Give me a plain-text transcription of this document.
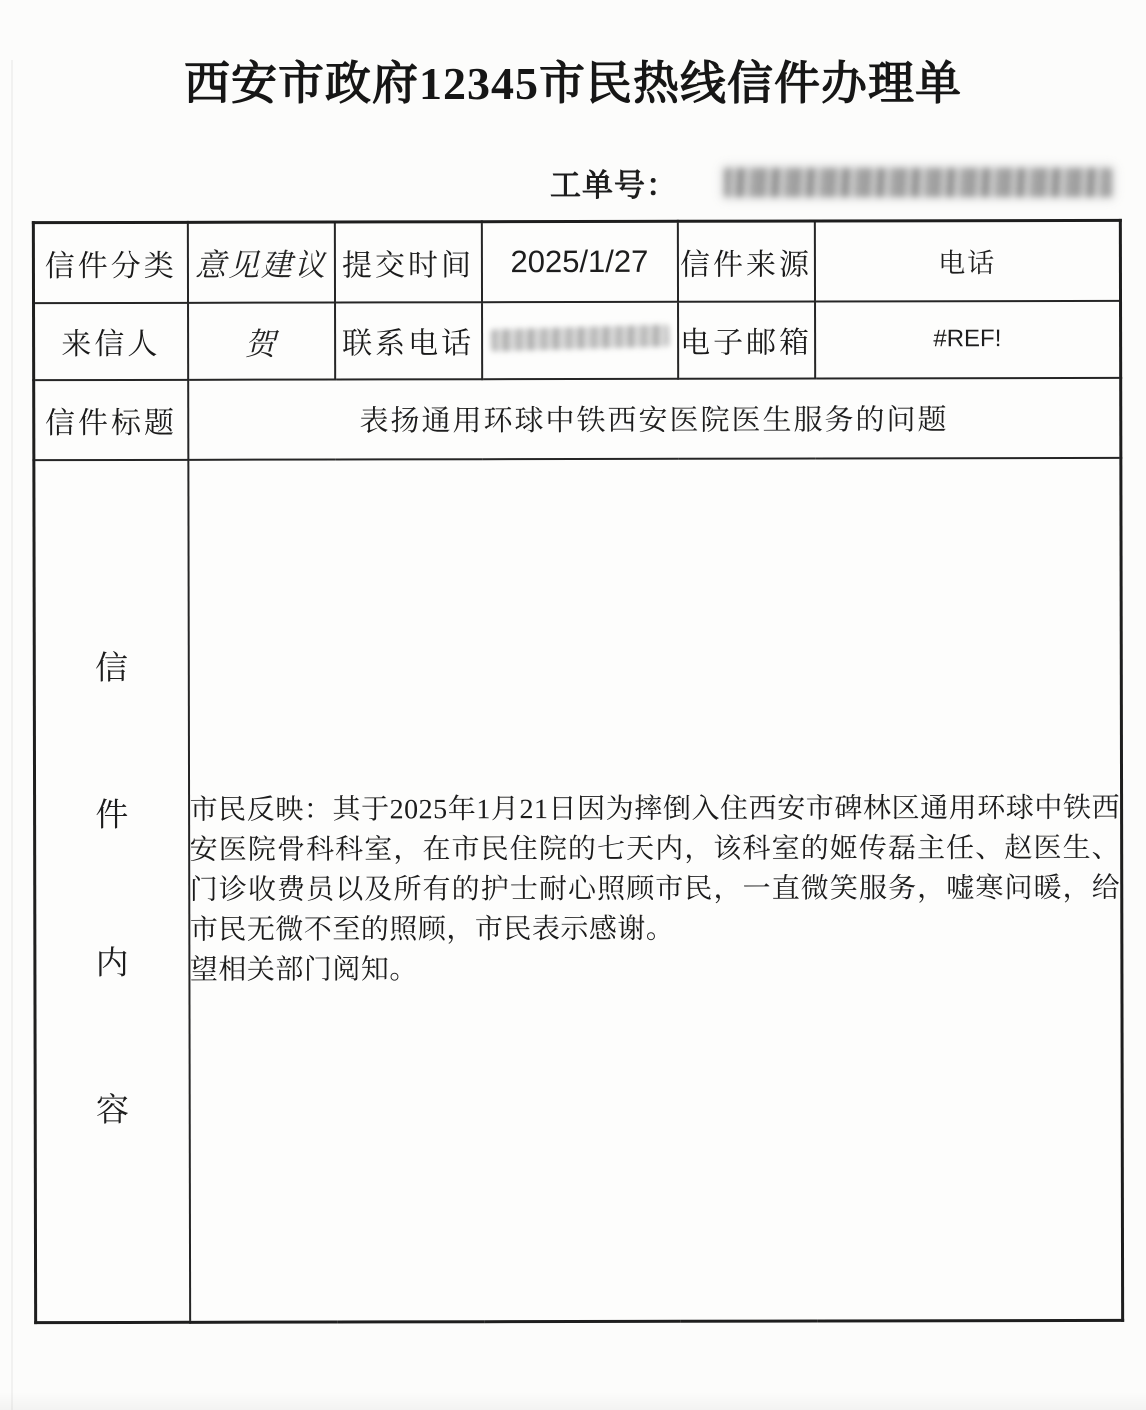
西安市政府12345市民热线信件办理单
工单号：
信件分类	意见建议	提交时间	2025/1/27	信件来源	电话
来信人	贺	联系电话		电子邮箱	#REF!
信件标题	表扬通用环球中铁西安医院医生服务的问题				

信
件
内
容

市民反映：其于2025年1月21日因为摔倒入住西安市碑林区通用环球中铁西安医院骨科科室，在市民住院的七天内，该科室的姬传磊主任、赵医生、门诊收费员以及所有的护士耐心照顾市民，一直微笑服务，嘘寒问暖，给市民无微不至的照顾，市民表示感谢。

望相关部门阅知。
